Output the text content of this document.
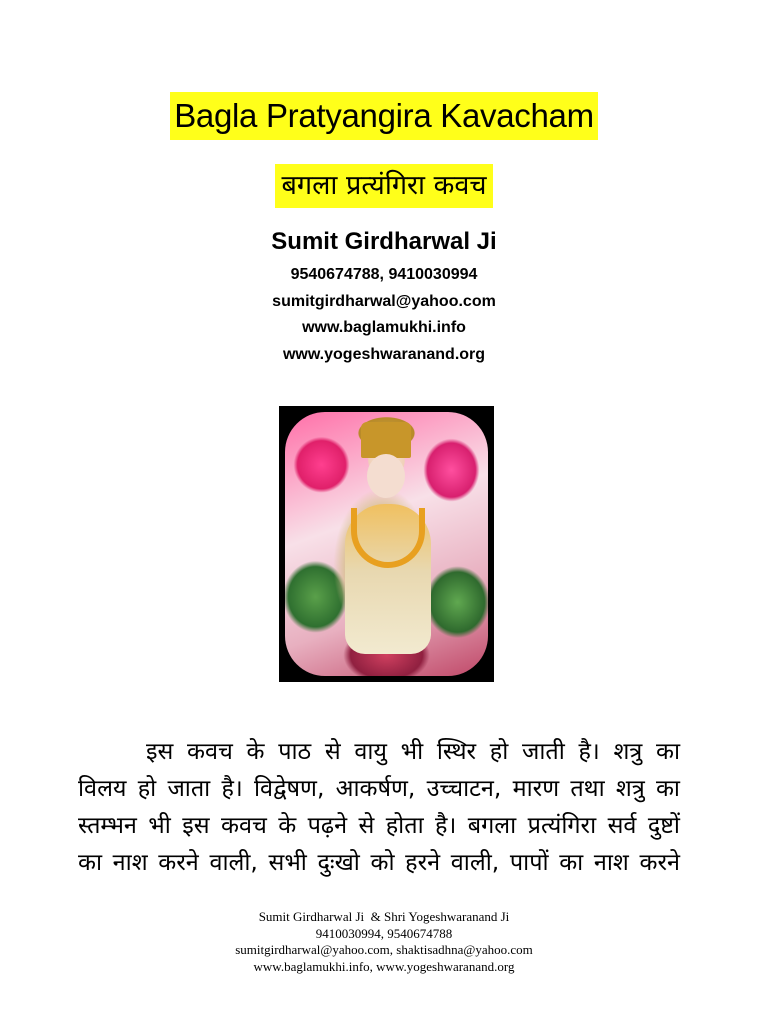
Bagla Pratyangira Kavacham
बगला प्रत्यंगिरा कवच
Sumit Girdharwal Ji
9540674788, 9410030994
sumitgirdharwal@yahoo.com
www.baglamukhi.info
www.yogeshwaranand.org
इस कवच के पाठ से वायु भी स्थिर हो जाती है। शत्रु का
विलय हो जाता है। विद्वेषण, आकर्षण, उच्चाटन, मारण तथा शत्रु का
स्तम्भन भी इस कवच के पढ़ने से होता है। बगला प्रत्यंगिरा सर्व दुष्टों
का नाश करने वाली, सभी दुःखो को हरने वाली, पापों का नाश करने
Sumit Girdharwal Ji  & Shri Yogeshwaranand Ji
9410030994, 9540674788
sumitgirdharwal@yahoo.com, shaktisadhna@yahoo.com
www.baglamukhi.info, www.yogeshwaranand.org
